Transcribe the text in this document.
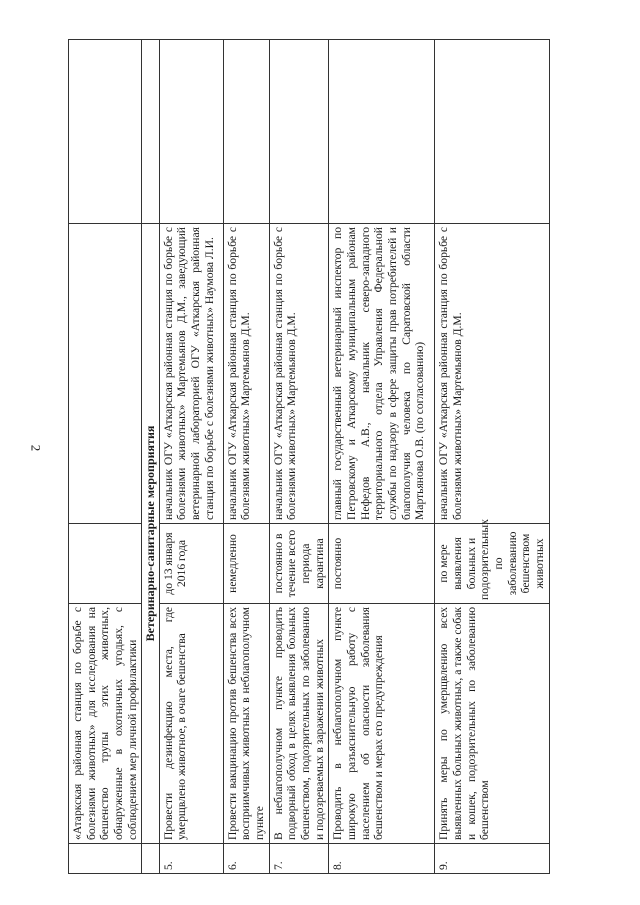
2
	«Атаркская районная станция по борьбе с болезнями животных» для исследования на бешенство трупы этих животных, обнаруженные в охотничьих угодьях, с соблюдением мер личной профилактики			
	Ветеринарно-санитарные мероприятия			
5.	Провести дезинфекцию места, где умерщвлено животное, в очаге бешенства	до 13 января 2016 года	начальник ОГУ «Аткарская районная станция по борьбе с болезнями животных» Мартемьянов Д.М., заведующий ветеринарной лабораторией ОГУ «Аткарская районная станция по борьбе с болезнями животных» Наумова Л.И.	
6.	Провести вакцинацию против бешенства всех восприимчивых животных в неблагополучном пункте	немедленно	начальник ОГУ «Аткарская районная станция по борьбе с болезнями животных» Мартемьянов Д.М.	
7.	В неблагополучном пункте проводить подворный обход в целях выявления больных бешенством, подозрительных по заболеванию и подозреваемых в заражении животных	постоянно в течение всего периода карантина	начальник ОГУ «Аткарская районная станция по борьбе с болезнями животных» Мартемьянов Д.М.	
8.	Проводить в неблагополучном пункте широкую разъяснительную работу с населением об опасности заболевания бешенством и мерах его предупреждения	постоянно	главный государственный ветеринарный инспектор по Петровскому и Аткарскому муниципальным районам Нефедов А.В., начальник северо-западного территориального отдела Управления Федеральной службы по надзору в сфере защиты прав потребителей и благополучия человека по Саратовской области Мартьянова О.В. (по согласованию)	
9.	Принять меры по умерщвлению всех выявленных больных животных, а также собак и кошек, подозрительных по заболеванию бешенством	по мере выявления больных и подозрительных по заболеванию бешенством животных	начальник ОГУ «Аткарская районная станция по борьбе с болезнями животных» Мартемьянов Д.М.	
